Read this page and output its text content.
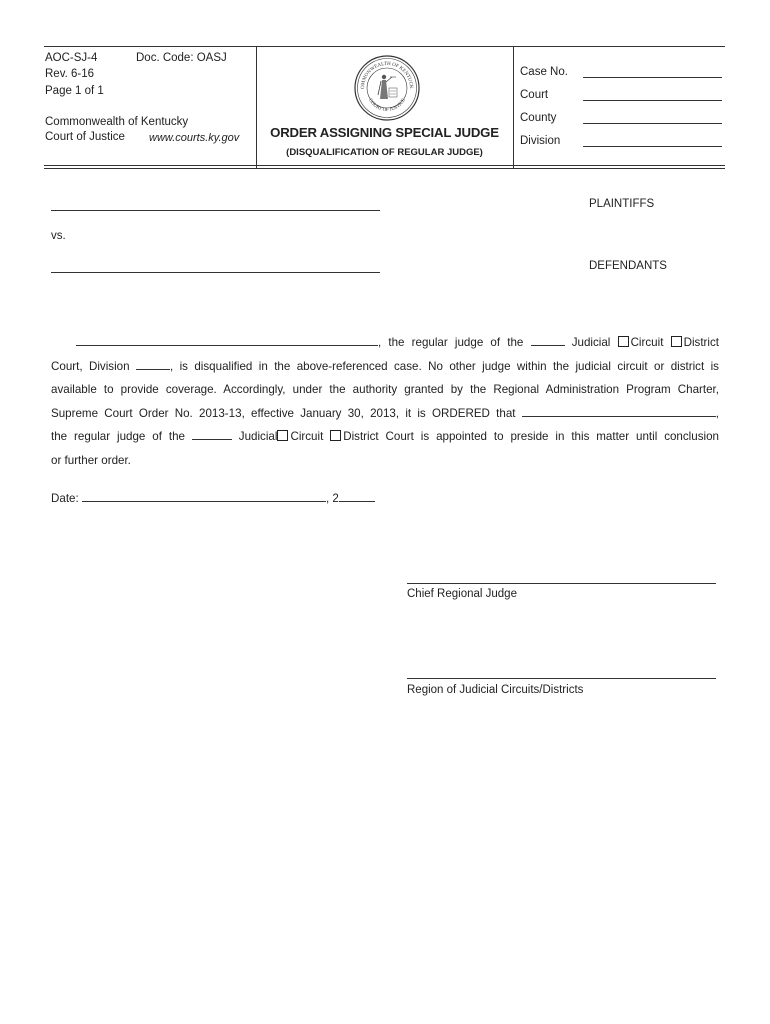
AOC-SJ-4	Doc. Code: OASJ
Rev. 6-16
Page 1 of 1
Commonwealth of Kentucky
Court of Justice www.courts.ky.gov
OMMONWEALTH OF KENTUCK
COURT OF JUSTICE
ORDER ASSIGNING SPECIAL JUDGE
(DISQUALIFICATION OF REGULAR JUDGE)
Case No.
Court
County
Division
PLAINTIFFS
vs.
DEFENDANTS
, the regular judge of the	Judicial Circuit District
Court, Division	, is disqualified in the above-referenced case. No other judge within the judicial circuit or district is
available to provide coverage. Accordingly, under the authority granted by the Regional Administration Program Charter,
Supreme Court Order No. 2013-13, effective January 30, 2013, it is ORDERED that	,
the regular judge of the	Judicial Circuit District Court is appointed to preside in this matter until conclusion
or further order.
Date:	, 2
Chief Regional Judge
Region of Judicial Circuits/Districts
